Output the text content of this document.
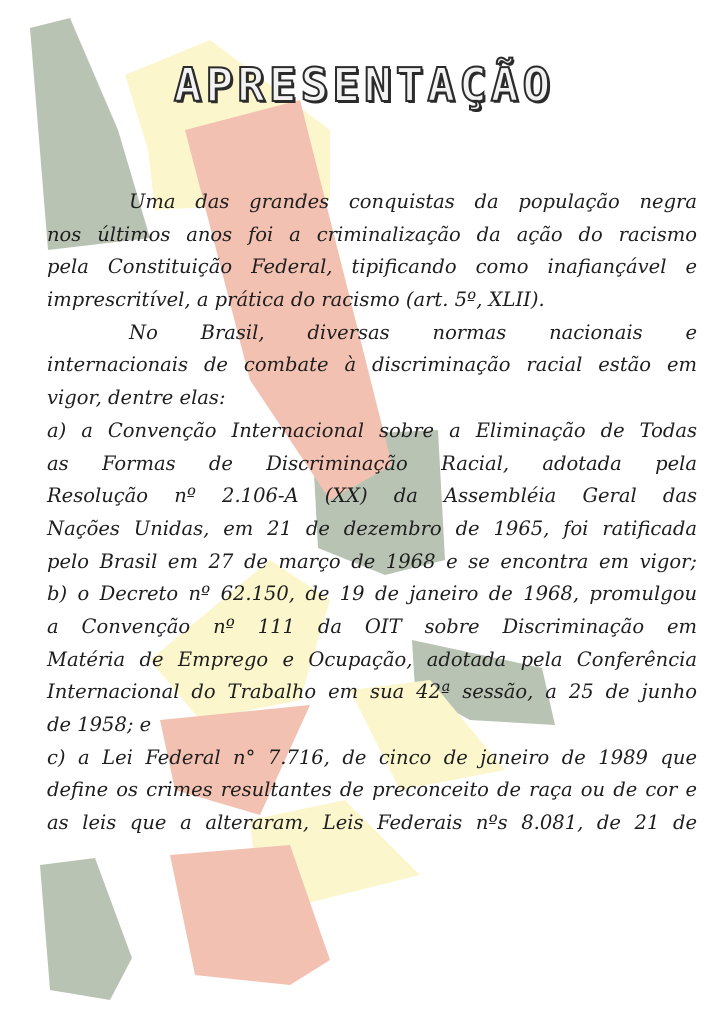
APRESENTAÇÃO
Uma das grandes conquistas da população negra
nos últimos anos foi a criminalização da ação do racismo
pela Constituição Federal, tipificando como inafiançável e
imprescritível, a prática do racismo (art. 5º, XLII).
No Brasil, diversas normas nacionais e
internacionais de combate à discriminação racial estão em
vigor, dentre elas:
a) a Convenção Internacional sobre a Eliminação de Todas
as Formas de Discriminação Racial, adotada pela
Resolução nº 2.106-A (XX) da Assembléia Geral das
Nações Unidas, em 21 de dezembro de 1965, foi ratificada
pelo Brasil em 27 de março de 1968 e se encontra em vigor;
b) o Decreto nº 62.150, de 19 de janeiro de 1968, promulgou
a Convenção nº 111 da OIT sobre Discriminação em
Matéria de Emprego e Ocupação, adotada pela Conferência
Internacional do Trabalho em sua 42ª sessão, a 25 de junho
de 1958; e
c) a Lei Federal n° 7.716, de cinco de janeiro de 1989 que
define os crimes resultantes de preconceito de raça ou de cor e
as leis que a alteraram, Leis Federais nºs 8.081, de 21 de
